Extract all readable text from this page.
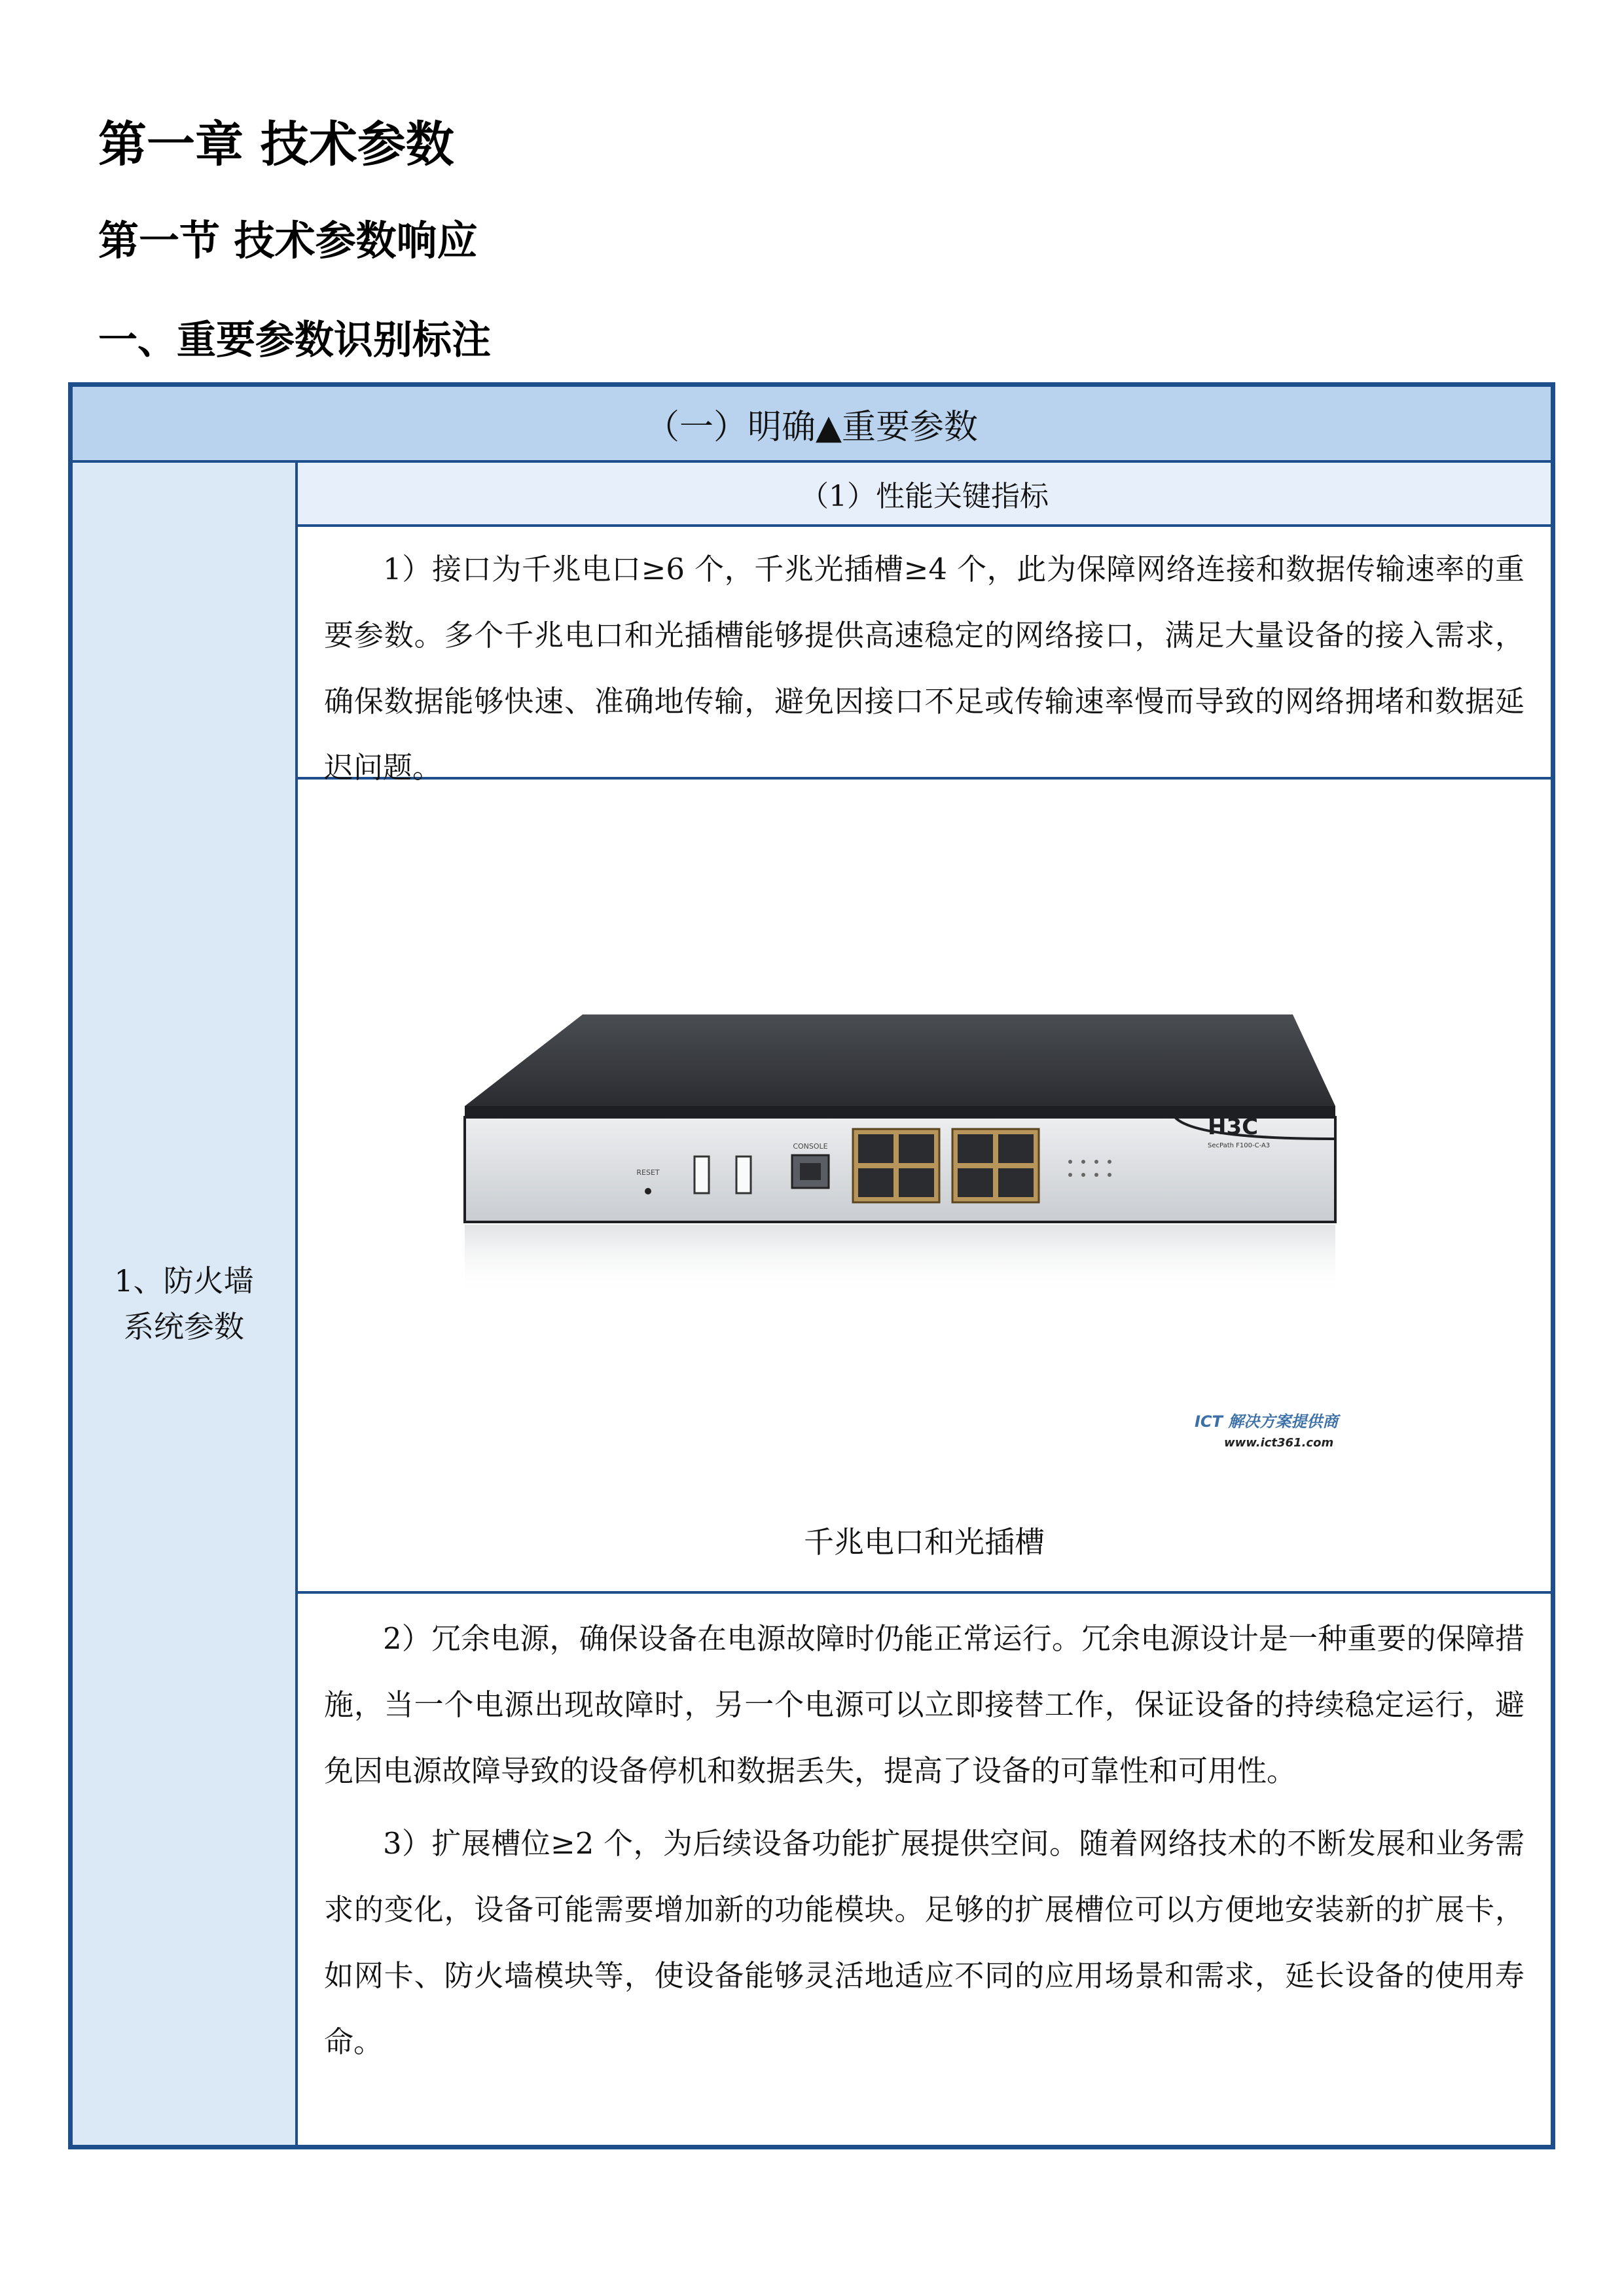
第一章 技术参数
第一节 技术参数响应
一、重要参数识别标注
（一）明确▲重要参数
1、防火墙
系统参数
（1）性能关键指标

1）接口为千兆电口≥6 个，千兆光插槽≥4 个，此为保障网络连接和数据传输速率的重要参数。多个千兆电口和光插槽能够提供高速稳定的网络接口，满足大量设备的接入需求，确保数据能够快速、准确地传输，避免因接口不足或传输速率慢而导致的网络拥堵和数据延迟问题。

RESET
CONSOLE
H3C
SecPath F100-C-A3
ICT 解决方案提供商
www.ict361.com
千兆电口和光插槽

2）冗余电源，确保设备在电源故障时仍能正常运行。冗余电源设计是一种重要的保障措施，当一个电源出现故障时，另一个电源可以立即接替工作，保证设备的持续稳定运行，避免因电源故障导致的设备停机和数据丢失，提高了设备的可靠性和可用性。

3）扩展槽位≥2 个，为后续设备功能扩展提供空间。随着网络技术的不断发展和业务需求的变化，设备可能需要增加新的功能模块。足够的扩展槽位可以方便地安装新的扩展卡，如网卡、防火墙模块等，使设备能够灵活地适应不同的应用场景和需求，延长设备的使用寿命。
